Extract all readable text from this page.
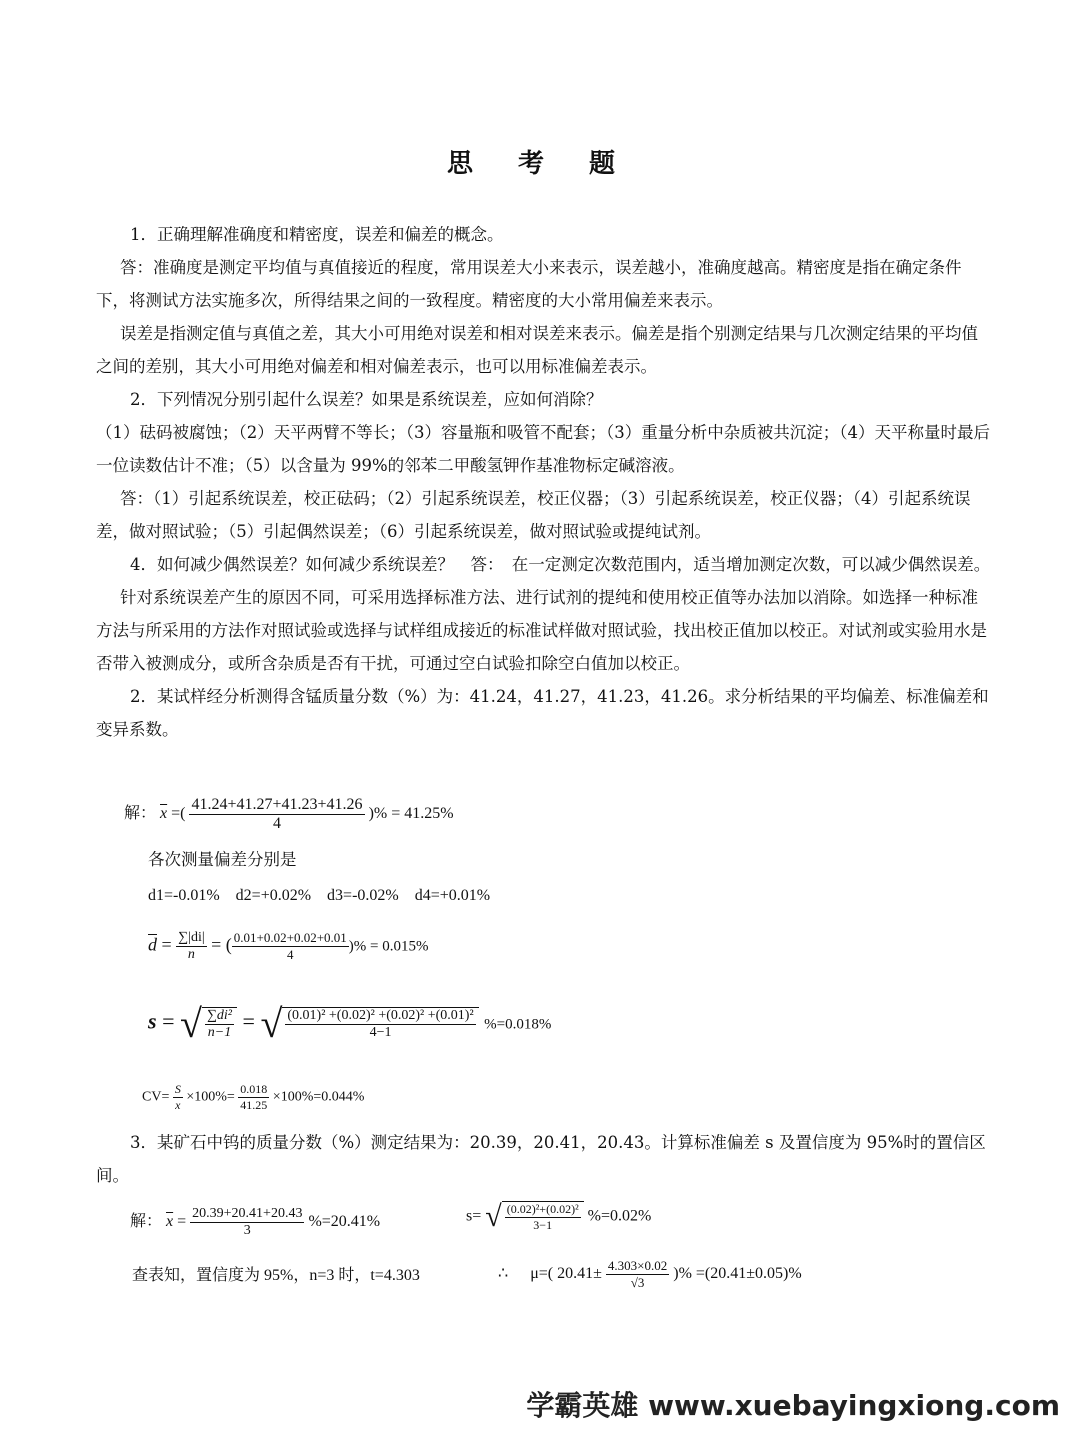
思 考 题

1．正确理解准确度和精密度，误差和偏差的概念。

答：准确度是测定平均值与真值接近的程度，常用误差大小来表示，误差越小，准确度越高。精密度是指在确定条件下，将测试方法实施多次，所得结果之间的一致程度。精密度的大小常用偏差来表示。

误差是指测定值与真值之差，其大小可用绝对误差和相对误差来表示。偏差是指个别测定结果与几次测定结果的平均值之间的差别，其大小可用绝对偏差和相对偏差表示，也可以用标准偏差表示。

2．下列情况分别引起什么误差？如果是系统误差，应如何消除？

（1）砝码被腐蚀；（2）天平两臂不等长；（3）容量瓶和吸管不配套；（3）重量分析中杂质被共沉淀；（4）天平称量时最后一位读数估计不准；（5）以含量为 99%的邻苯二甲酸氢钾作基准物标定碱溶液。

答：（1）引起系统误差，校正砝码；（2）引起系统误差，校正仪器；（3）引起系统误差，校正仪器；（4）引起系统误差，做对照试验；（5）引起偶然误差；（6）引起系统误差，做对照试验或提纯试剂。

4．如何减少偶然误差？如何减少系统误差？　答：　在一定测定次数范围内，适当增加测定次数，可以减少偶然误差。

针对系统误差产生的原因不同，可采用选择标准方法、进行试剂的提纯和使用校正值等办法加以消除。如选择一种标准方法与所采用的方法作对照试验或选择与试样组成接近的标准试样做对照试验，找出校正值加以校正。对试剂或实验用水是否带入被测成分，或所含杂质是否有干扰，可通过空白试验扣除空白值加以校正。

2．某试样经分析测得含锰质量分数（%）为：41.24，41.27，41.23，41.26。求分析结果的平均偏差、标准偏差和变异系数。

解： $\overline{x}$ =( $\frac{41.24+41.27+41.23+41.26}{4}$ )% = 41.25%
各次测量偏差分别是
d1=-0.01%　d2=+0.02%　d3=-0.02%　d4=+0.01%
$\overline{d} = \frac{\sum|di|}{n}$ = ( $\frac{0.01+0.02+0.02+0.01}{4}$ )% = 0.015%
s = √ $\frac{\text{∑di²}}{n-1}$ = √ $\frac{\text{(0.01)² +(0.02)² +(0.02)² +(0.01)²}}{4-1} \%=0.018\%$
$CV= \frac{S}{x} \times 100\%= \frac{0.018}{41.25} \times 100\%=0.044\%$

3．某矿石中钨的质量分数（%）测定结果为：20.39，20.41，20.43。计算标准偏差 s 及置信度为 95%时的置信区间。

解： $\overline{x} = \frac{20.39+20.41+20.43}{3} \%=20.41\%$	s= √ $\frac{\text{(0.02)²+(0.02)²}}{3-1} \%=0.02\%$
查表知，置信度为 95%，n=3 时，t=4.303	∴ μ=( $20.41\pm \frac{4.303\times 0.02}{√3}$ )% =(20.41±0.05)%
学霸英雄 www.xuebayingxiong.com
